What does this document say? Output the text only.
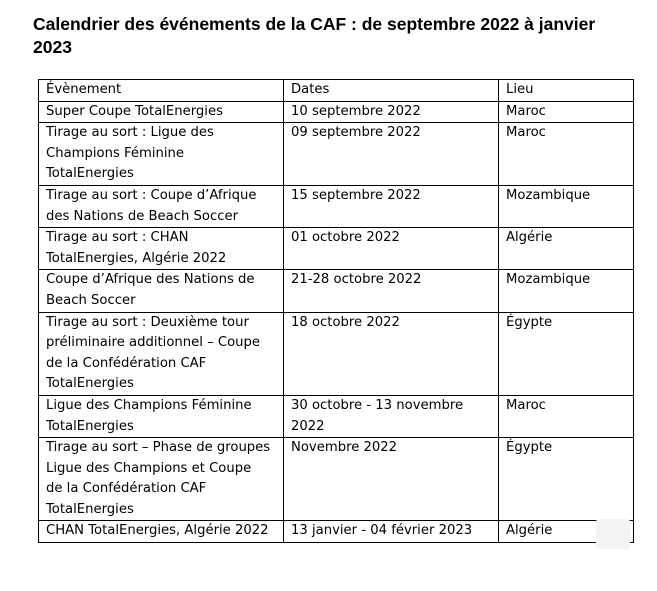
Calendrier des événements de la CAF : de septembre 2022 à janvier 2023
Évènement	Dates	Lieu
Super Coupe TotalEnergies	10 septembre 2022	Maroc
Tirage au sort : Ligue des Champions Féminine TotalEnergies	09 septembre 2022	Maroc
Tirage au sort : Coupe d’Afrique des Nations de Beach Soccer	15 septembre 2022	Mozambique
Tirage au sort : CHAN TotalEnergies, Algérie 2022	01 octobre 2022	Algérie
Coupe d’Afrique des Nations de Beach Soccer	21-28 octobre 2022	Mozambique
Tirage au sort : Deuxième tour préliminaire additionnel – Coupe de la Confédération CAF TotalEnergies	18 octobre 2022	Égypte
Ligue des Champions Féminine TotalEnergies	30 octobre - 13 novembre 2022	Maroc
Tirage au sort – Phase de groupes Ligue des Champions et Coupe de la Confédération CAF TotalEnergies	Novembre 2022	Égypte
CHAN TotalEnergies, Algérie 2022	13 janvier - 04 février 2023	Algérie
